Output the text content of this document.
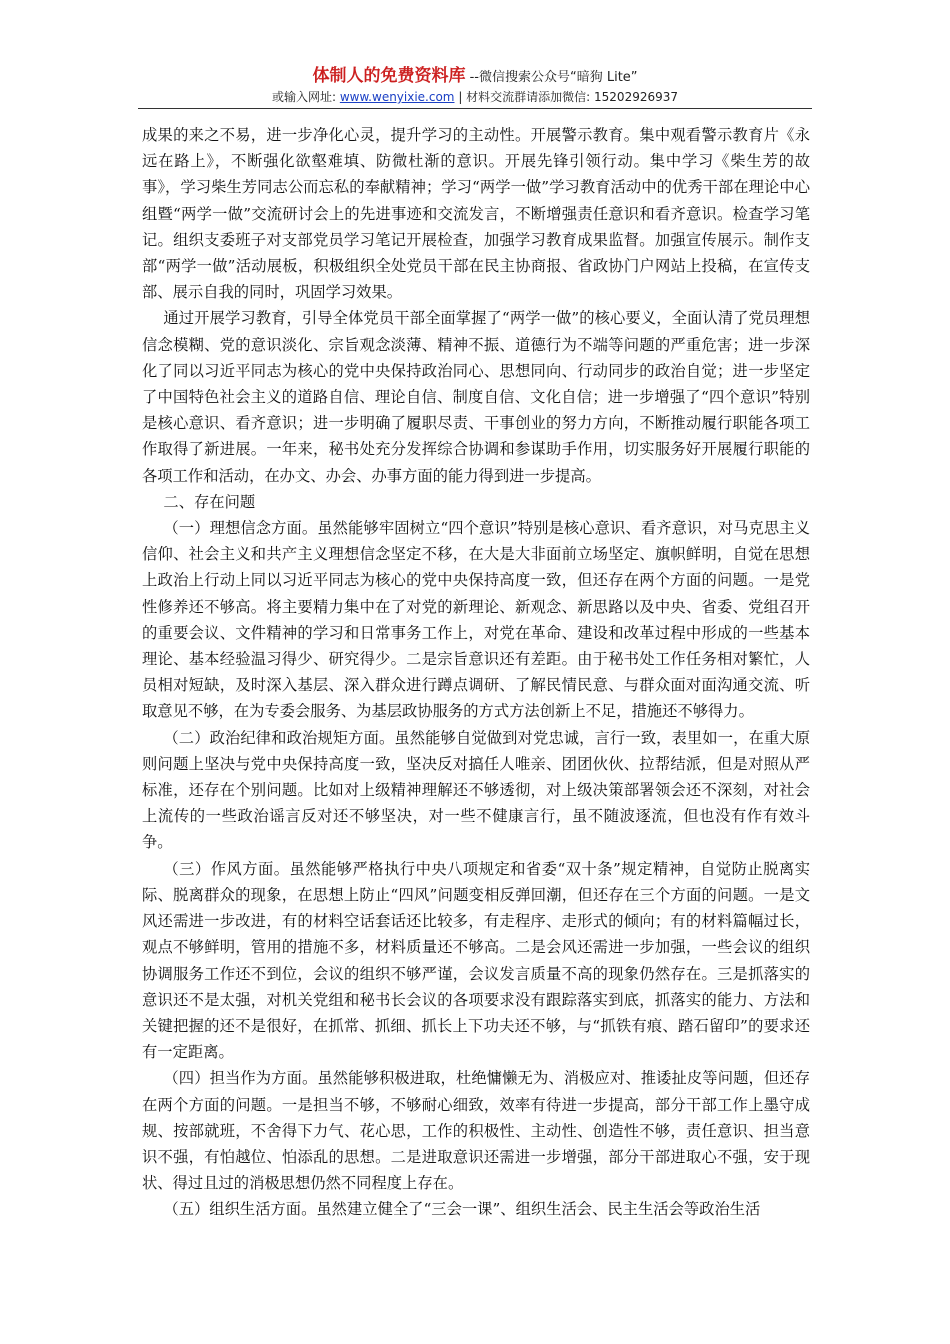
体制人的免费资料库 --微信搜索公众号“暗狗 Lite”
或输入网址: www.wenyixie.com | 材料交流群请添加微信: 15202926937

成果的来之不易，进一步净化心灵，提升学习的主动性。开展警示教育。集中观看警示教育片《永远在路上》，不断强化欲壑难填、防微杜渐的意识。开展先锋引领行动。集中学习《柴生芳的故事》，学习柴生芳同志公而忘私的奉献精神；学习“两学一做”学习教育活动中的优秀干部在理论中心组暨“两学一做”交流研讨会上的先进事迹和交流发言，不断增强责任意识和看齐意识。检查学习笔记。组织支委班子对支部党员学习笔记开展检查，加强学习教育成果监督。加强宣传展示。制作支部“两学一做”活动展板，积极组织全处党员干部在民主协商报、省政协门户网站上投稿，在宣传支部、展示自我的同时，巩固学习效果。

通过开展学习教育，引导全体党员干部全面掌握了“两学一做”的核心要义，全面认清了党员理想信念模糊、党的意识淡化、宗旨观念淡薄、精神不振、道德行为不端等问题的严重危害；进一步深化了同以习近平同志为核心的党中央保持政治同心、思想同向、行动同步的政治自觉；进一步坚定了中国特色社会主义的道路自信、理论自信、制度自信、文化自信；进一步增强了“四个意识”特别是核心意识、看齐意识；进一步明确了履职尽责、干事创业的努力方向，不断推动履行职能各项工作取得了新进展。一年来，秘书处充分发挥综合协调和参谋助手作用，切实服务好开展履行职能的各项工作和活动，在办文、办会、办事方面的能力得到进一步提高。

二、存在问题

（一）理想信念方面。虽然能够牢固树立“四个意识”特别是核心意识、看齐意识，对马克思主义信仰、社会主义和共产主义理想信念坚定不移，在大是大非面前立场坚定、旗帜鲜明，自觉在思想上政治上行动上同以习近平同志为核心的党中央保持高度一致，但还存在两个方面的问题。一是党性修养还不够高。将主要精力集中在了对党的新理论、新观念、新思路以及中央、省委、党组召开的重要会议、文件精神的学习和日常事务工作上，对党在革命、建设和改革过程中形成的一些基本理论、基本经验温习得少、研究得少。二是宗旨意识还有差距。由于秘书处工作任务相对繁忙，人员相对短缺，及时深入基层、深入群众进行蹲点调研、了解民情民意、与群众面对面沟通交流、听取意见不够，在为专委会服务、为基层政协服务的方式方法创新上不足，措施还不够得力。

（二）政治纪律和政治规矩方面。虽然能够自觉做到对党忠诚，言行一致，表里如一，在重大原则问题上坚决与党中央保持高度一致，坚决反对搞任人唯亲、团团伙伙、拉帮结派，但是对照从严标准，还存在个别问题。比如对上级精神理解还不够透彻，对上级决策部署领会还不深刻，对社会上流传的一些政治谣言反对还不够坚决，对一些不健康言行，虽不随波逐流，但也没有作有效斗争。

（三）作风方面。虽然能够严格执行中央八项规定和省委“双十条”规定精神，自觉防止脱离实际、脱离群众的现象，在思想上防止“四风”问题变相反弹回潮，但还存在三个方面的问题。一是文风还需进一步改进，有的材料空话套话还比较多，有走程序、走形式的倾向；有的材料篇幅过长，观点不够鲜明，管用的措施不多，材料质量还不够高。二是会风还需进一步加强，一些会议的组织协调服务工作还不到位，会议的组织不够严谨，会议发言质量不高的现象仍然存在。三是抓落实的意识还不是太强，对机关党组和秘书长会议的各项要求没有跟踪落实到底，抓落实的能力、方法和关键把握的还不是很好，在抓常、抓细、抓长上下功夫还不够，与“抓铁有痕、踏石留印”的要求还有一定距离。

（四）担当作为方面。虽然能够积极进取，杜绝慵懒无为、消极应对、推诿扯皮等问题，但还存在两个方面的问题。一是担当不够，不够耐心细致，效率有待进一步提高，部分干部工作上墨守成规、按部就班，不舍得下力气、花心思，工作的积极性、主动性、创造性不够，责任意识、担当意识不强，有怕越位、怕添乱的思想。二是进取意识还需进一步增强，部分干部进取心不强，安于现状、得过且过的消极思想仍然不同程度上存在。

（五）组织生活方面。虽然建立健全了“三会一课”、组织生活会、民主生活会等政治生活
